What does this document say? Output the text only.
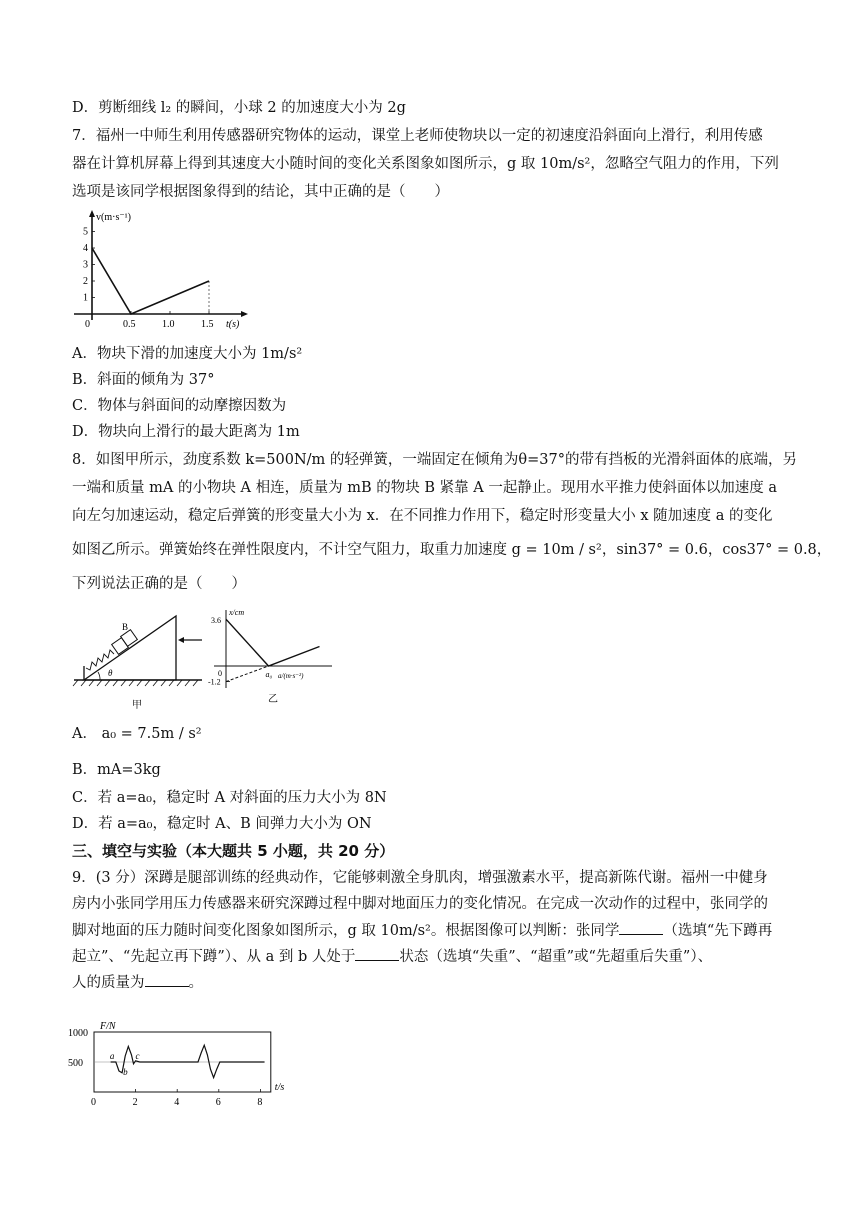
D．剪断细线 l₂ 的瞬间，小球 2 的加速度大小为 2g
7．福州一中师生利用传感器研究物体的运动，课堂上老师使物块以一定的初速度沿斜面向上滑行，利用传感
器在计算机屏幕上得到其速度大小随时间的变化关系图象如图所示，g 取 10m/s²，忽略空气阻力的作用，下列
选项是该同学根据图象得到的结论，其中正确的是（　　）
v(m·s⁻¹)
t(s)
1
2
3
4
5
0	0.5	1.0	1.5
A．物块下滑的加速度大小为 1m/s²
B．斜面的倾角为 37°
C．物体与斜面间的动摩擦因数为
D．物块向上滑行的最大距离为 1m
8．如图甲所示，劲度系数 k=500N/m 的轻弹簧，一端固定在倾角为θ=37°的带有挡板的光滑斜面体的底端，另
一端和质量 mA 的小物块 A 相连，质量为 mB 的物块 B 紧靠 A 一起静止。现用水平推力使斜面体以加速度 a
向左匀加速运动，稳定后弹簧的形变量大小为 x．在不同推力作用下，稳定时形变量大小 x 随加速度 a 的变化
如图乙所示。弹簧始终在弹性限度内，不计空气阻力，取重力加速度 g = 10m / s²，sin37° = 0.6，cos37° = 0.8，
下列说法正确的是（　　）
B
θ
甲
x/cm
a/(m·s⁻²)
3.6
-1.2
0	a₀
乙
A． a₀ = 7.5m / s²
B．mA=3kg
C．若 a=a₀，稳定时 A 对斜面的压力大小为 8N
D．若 a=a₀，稳定时 A、B 间弹力大小为 ON
三、填空与实验（本大题共 5 小题，共 20 分）
9．(3 分）深蹲是腿部训练的经典动作，它能够刺激全身肌肉，增强激素水平，提高新陈代谢。福州一中健身
房内小张同学用压力传感器来研究深蹲过程中脚对地面压力的变化情况。在完成一次动作的过程中，张同学的
脚对地面的压力随时间变化图象如图所示，g 取 10m/s²。根据图像可以判断：张同学	（选填“先下蹲再
起立”、“先起立再下蹲”）、从 a 到 b 人处于	状态（选填“失重”、“超重”或“先超重后失重”）、
人的质量为	。
F/N
t/s
500
1000
0	2	4	6	8
a
b
c
